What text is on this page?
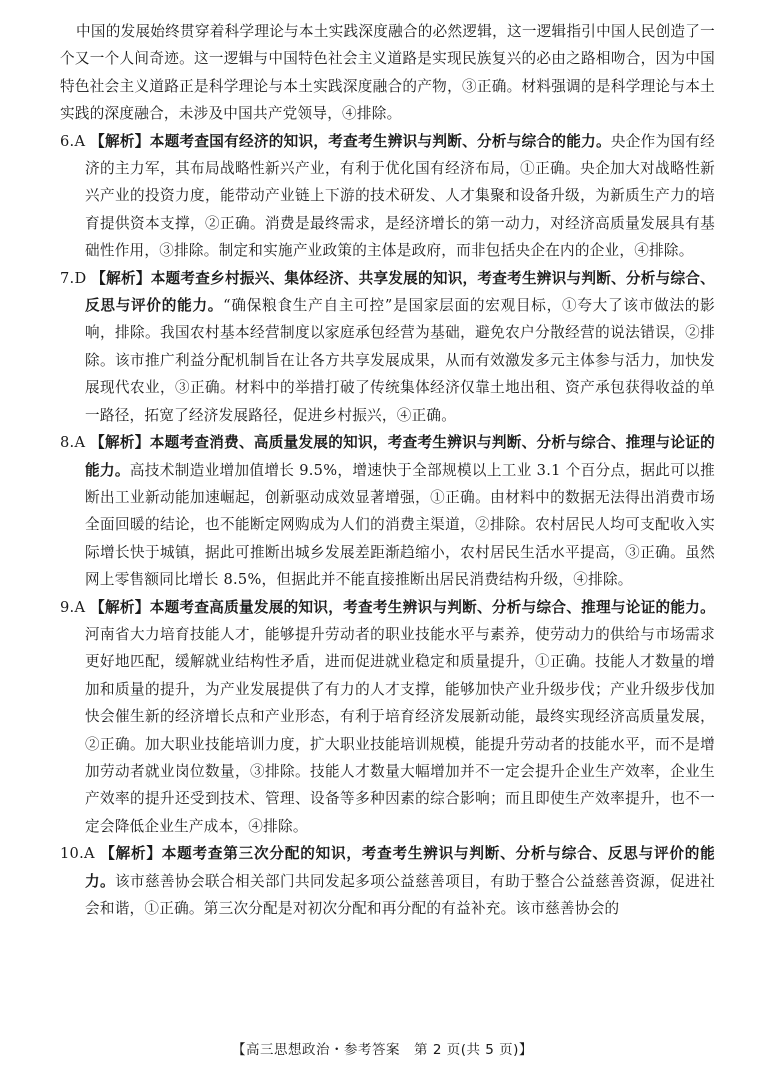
中国的发展始终贯穿着科学理论与本土实践深度融合的必然逻辑，这一逻辑指引中国人民创造了一个又一个人间奇迹。这一逻辑与中国特色社会主义道路是实现民族复兴的必由之路相吻合，因为中国特色社会主义道路正是科学理论与本土实践深度融合的产物，③正确。材料强调的是科学理论与本土实践的深度融合，未涉及中国共产党领导，④排除。

6.A 【解析】本题考查国有经济的知识，考查考生辨识与判断、分析与综合的能力。央企作为国有经济的主力军，其布局战略性新兴产业，有利于优化国有经济布局，①正确。央企加大对战略性新兴产业的投资力度，能带动产业链上下游的技术研发、人才集聚和设备升级，为新质生产力的培育提供资本支撑，②正确。消费是最终需求，是经济增长的第一动力，对经济高质量发展具有基础性作用，③排除。制定和实施产业政策的主体是政府，而非包括央企在内的企业，④排除。

7.D 【解析】本题考查乡村振兴、集体经济、共享发展的知识，考查考生辨识与判断、分析与综合、反思与评价的能力。“确保粮食生产自主可控”是国家层面的宏观目标，①夸大了该市做法的影响，排除。我国农村基本经营制度以家庭承包经营为基础，避免农户分散经营的说法错误，②排除。该市推广利益分配机制旨在让各方共享发展成果，从而有效激发多元主体参与活力，加快发展现代农业，③正确。材料中的举措打破了传统集体经济仅靠土地出租、资产承包获得收益的单一路径，拓宽了经济发展路径，促进乡村振兴，④正确。

8.A 【解析】本题考查消费、高质量发展的知识，考查考生辨识与判断、分析与综合、推理与论证的能力。高技术制造业增加值增长 9.5%，增速快于全部规模以上工业 3.1 个百分点，据此可以推断出工业新动能加速崛起，创新驱动成效显著增强，①正确。由材料中的数据无法得出消费市场全面回暖的结论，也不能断定网购成为人们的消费主渠道，②排除。农村居民人均可支配收入实际增长快于城镇，据此可推断出城乡发展差距渐趋缩小，农村居民生活水平提高，③正确。虽然网上零售额同比增长 8.5%，但据此并不能直接推断出居民消费结构升级，④排除。

9.A 【解析】本题考查高质量发展的知识，考查考生辨识与判断、分析与综合、推理与论证的能力。河南省大力培育技能人才，能够提升劳动者的职业技能水平与素养，使劳动力的供给与市场需求更好地匹配，缓解就业结构性矛盾，进而促进就业稳定和质量提升，①正确。技能人才数量的增加和质量的提升，为产业发展提供了有力的人才支撑，能够加快产业升级步伐；产业升级步伐加快会催生新的经济增长点和产业形态，有利于培育经济发展新动能，最终实现经济高质量发展，②正确。加大职业技能培训力度，扩大职业技能培训规模，能提升劳动者的技能水平，而不是增加劳动者就业岗位数量，③排除。技能人才数量大幅增加并不一定会提升企业生产效率，企业生产效率的提升还受到技术、管理、设备等多种因素的综合影响；而且即使生产效率提升，也不一定会降低企业生产成本，④排除。

10.A 【解析】本题考查第三次分配的知识，考查考生辨识与判断、分析与综合、反思与评价的能力。该市慈善协会联合相关部门共同发起多项公益慈善项目，有助于整合公益慈善资源，促进社会和谐，①正确。第三次分配是对初次分配和再分配的有益补充。该市慈善协会的

【高三思想政治・参考答案　第 2 页(共 5 页)】
